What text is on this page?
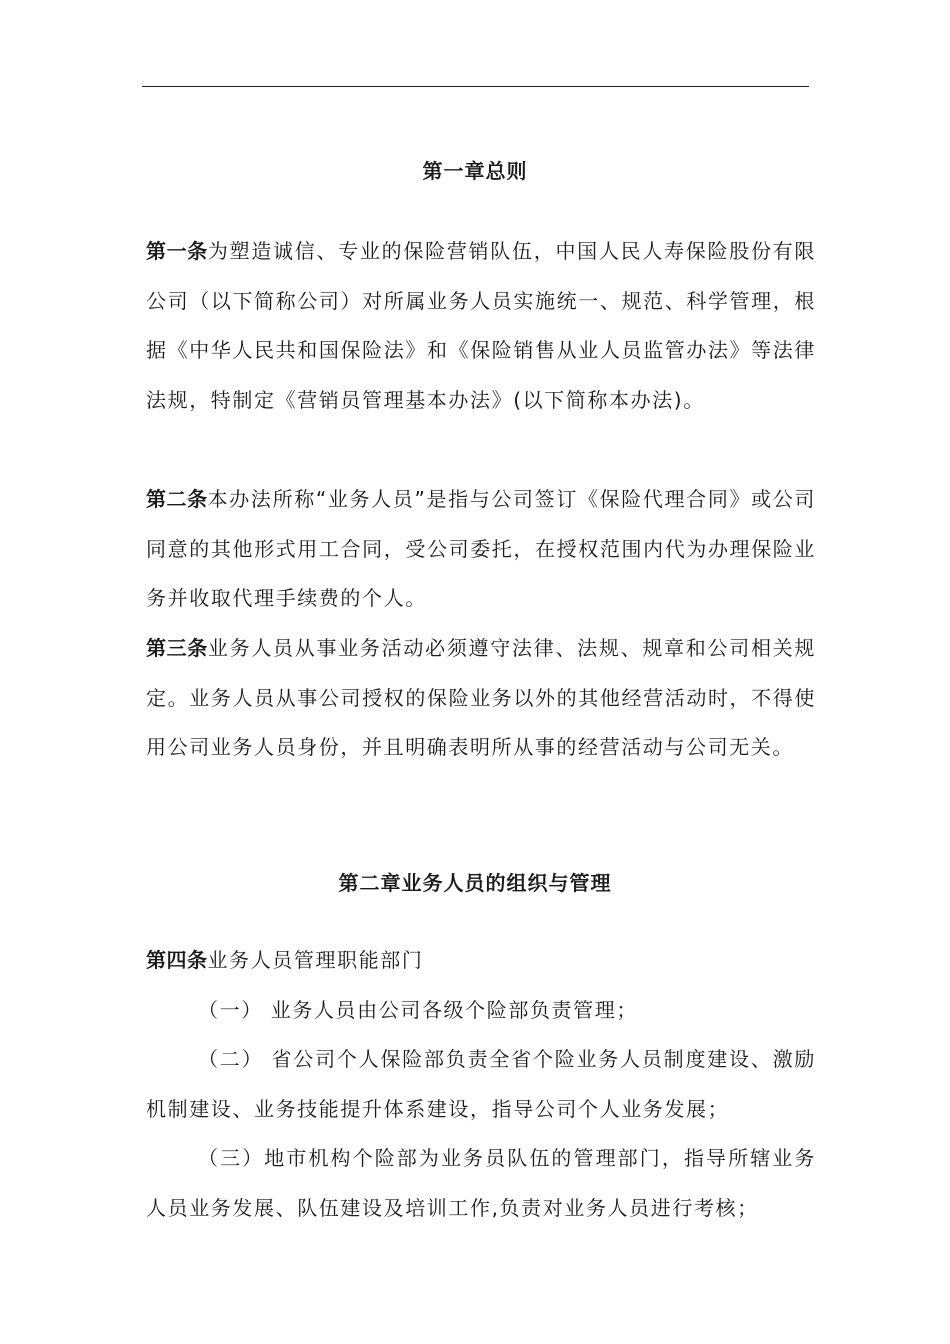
第一章总则

第一条为塑造诚信、专业的保险营销队伍，中国人民人寿保险股份有限公司（以下简称公司）对所属业务人员实施统一、规范、科学管理，根据《中华人民共和国保险法》和《保险销售从业人员监管办法》等法律法规，特制定《营销员管理基本办法》(以下简称本办法)。

第二条本办法所称“业务人员”是指与公司签订《保险代理合同》或公司同意的其他形式用工合同，受公司委托，在授权范围内代为办理保险业务并收取代理手续费的个人。

第三条业务人员从事业务活动必须遵守法律、法规、规章和公司相关规定。业务人员从事公司授权的保险业务以外的其他经营活动时，不得使用公司业务人员身份，并且明确表明所从事的经营活动与公司无关。

第二章业务人员的组织与管理

第四条业务人员管理职能部门

（一） 业务人员由公司各级个险部负责管理；

（二） 省公司个人保险部负责全省个险业务人员制度建设、激励机制建设、业务技能提升体系建设，指导公司个人业务发展；

（三）地市机构个险部为业务员队伍的管理部门，指导所辖业务人员业务发展、队伍建设及培训工作,负责对业务人员进行考核；
